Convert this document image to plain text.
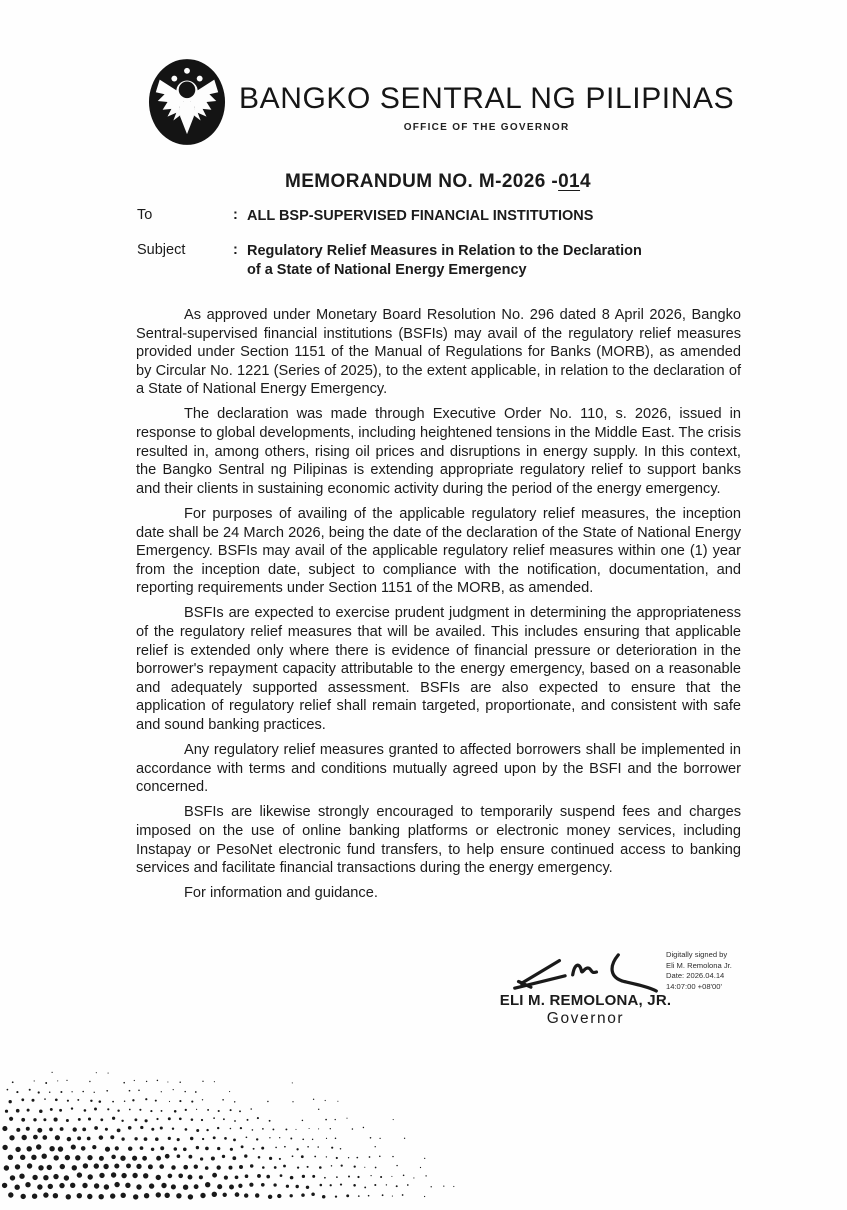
BANGKO SENTRAL NG PILIPINAS
OFFICE OF THE GOVERNOR
MEMORANDUM NO. M-2026 -014
To	: ALL BSP-SUPERVISED FINANCIAL INSTITUTIONS
Subject	: Regulatory Relief Measures in Relation to the Declaration
of a State of National Energy Emergency

As approved under Monetary Board Resolution No. 296 dated 8 April 2026, Bangko Sentral-supervised financial institutions (BSFIs) may avail of the regulatory relief measures provided under Section 1151 of the Manual of Regulations for Banks (MORB), as amended by Circular No. 1221 (Series of 2025), to the extent applicable, in relation to the declaration of a State of National Energy Emergency.

The declaration was made through Executive Order No. 110, s. 2026, issued in response to global developments, including heightened tensions in the Middle East. The crisis resulted in, among others, rising oil prices and disruptions in energy supply. In this context, the Bangko Sentral ng Pilipinas is extending appropriate regulatory relief to support banks and their clients in sustaining economic activity during the period of the energy emergency.

For purposes of availing of the applicable regulatory relief measures, the inception date shall be 24 March 2026, being the date of the declaration of the State of National Energy Emergency. BSFIs may avail of the applicable regulatory relief measures within one (1) year from the inception date, subject to compliance with the notification, documentation, and reporting requirements under Section 1151 of the MORB, as amended.

BSFIs are expected to exercise prudent judgment in determining the appropriateness of the regulatory relief measures that will be availed. This includes ensuring that applicable relief is extended only where there is evidence of financial pressure or deterioration in the borrower's repayment capacity attributable to the energy emergency, based on a reasonable and adequately supported assessment. BSFIs are also expected to ensure that the application of regulatory relief shall remain targeted, proportionate, and consistent with safe and sound banking practices.

Any regulatory relief measures granted to affected borrowers shall be implemented in accordance with terms and conditions mutually agreed upon by the BSFI and the borrower concerned.

BSFIs are likewise strongly encouraged to temporarily suspend fees and charges imposed on the use of online banking platforms or electronic money services, including Instapay or PesoNet electronic fund transfers, to help ensure continued access to banking services and facilitate financial transactions during the energy emergency.

For information and guidance.

ELI M. REMOLONA, JR.
Governor
Digitally signed by
Eli M. Remolona Jr.
Date: 2026.04.14
14:07:00 +08'00'
